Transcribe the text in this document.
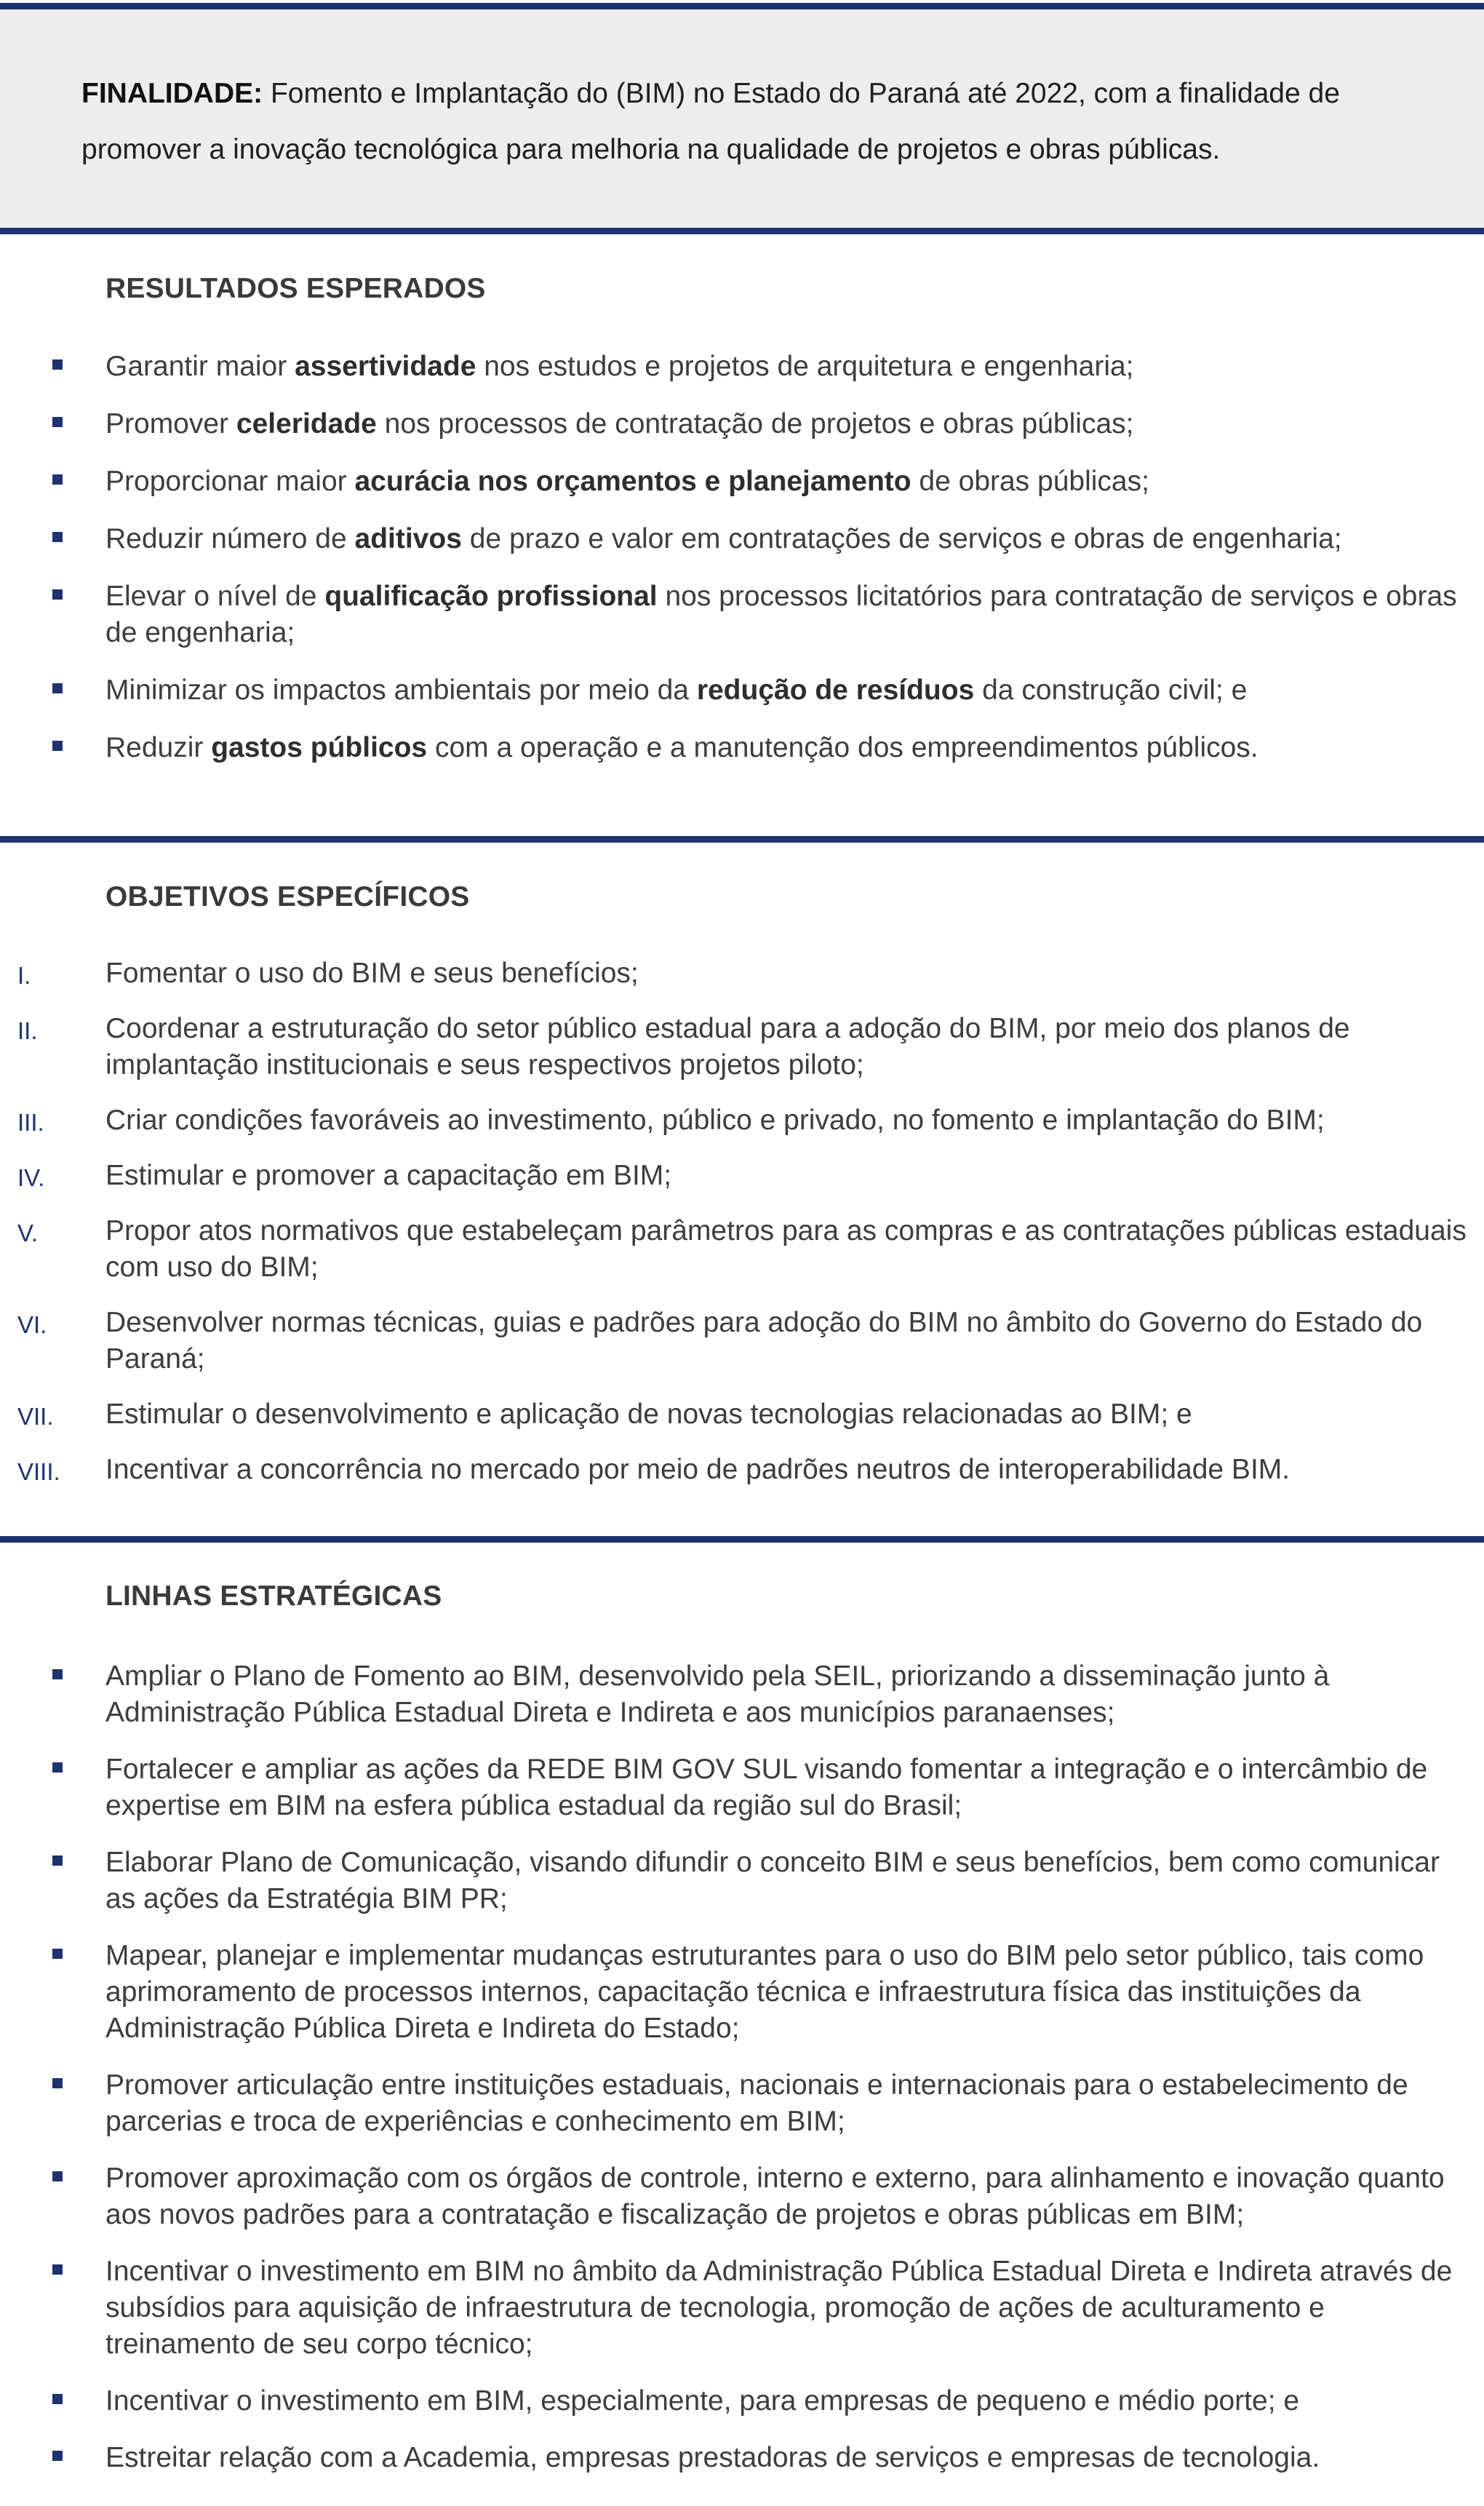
FINALIDADE: Fomento e Implantação do (BIM) no Estado do Paraná até 2022, com a finalidade de promover a inovação tecnológica para melhoria na qualidade de projetos e obras públicas.

RESULTADOS ESPERADOS
Garantir maior assertividade nos estudos e projetos de arquitetura e engenharia;
Promover celeridade nos processos de contratação de projetos e obras públicas;
Proporcionar maior acurácia nos orçamentos e planejamento de obras públicas;
Reduzir número de aditivos de prazo e valor em contratações de serviços e obras de engenharia;
Elevar o nível de qualificação profissional nos processos licitatórios para contratação de serviços e obras de engenharia;
Minimizar os impactos ambientais por meio da redução de resíduos da construção civil; e
Reduzir gastos públicos com a operação e a manutenção dos empreendimentos públicos.
OBJETIVOS ESPECÍFICOS
I.	Fomentar o uso do BIM e seus benefícios;
II.	Coordenar a estruturação do setor público estadual para a adoção do BIM, por meio dos planos de implantação institucionais e seus respectivos projetos piloto;
III.	Criar condições favoráveis ao investimento, público e privado, no fomento e implantação do BIM;
IV.	Estimular e promover a capacitação em BIM;
V.	Propor atos normativos que estabeleçam parâmetros para as compras e as contratações públicas estaduais com uso do BIM;
VI.	Desenvolver normas técnicas, guias e padrões para adoção do BIM no âmbito do Governo do Estado do Paraná;
VII.	Estimular o desenvolvimento e aplicação de novas tecnologias relacionadas ao BIM; e
VIII.	Incentivar a concorrência no mercado por meio de padrões neutros de interoperabilidade BIM.
LINHAS ESTRATÉGICAS
Ampliar o Plano de Fomento ao BIM, desenvolvido pela SEIL, priorizando a disseminação junto à Administração Pública Estadual Direta e Indireta e aos municípios paranaenses;
Fortalecer e ampliar as ações da REDE BIM GOV SUL visando fomentar a integração e o intercâmbio de expertise em BIM na esfera pública estadual da região sul do Brasil;
Elaborar Plano de Comunicação, visando difundir o conceito BIM e seus benefícios, bem como comunicar as ações da Estratégia BIM PR;
Mapear, planejar e implementar mudanças estruturantes para o uso do BIM pelo setor público, tais como aprimoramento de processos internos, capacitação técnica e infraestrutura física das instituições da Administração Pública Direta e Indireta do Estado;
Promover articulação entre instituições estaduais, nacionais e internacionais para o estabelecimento de parcerias e troca de experiências e conhecimento em BIM;
Promover aproximação com os órgãos de controle, interno e externo, para alinhamento e inovação quanto aos novos padrões para a contratação e fiscalização de projetos e obras públicas em BIM;
Incentivar o investimento em BIM no âmbito da Administração Pública Estadual Direta e Indireta através de subsídios para aquisição de infraestrutura de tecnologia, promoção de ações de aculturamento e treinamento de seu corpo técnico;
Incentivar o investimento em BIM, especialmente, para empresas de pequeno e médio porte; e
Estreitar relação com a Academia, empresas prestadoras de serviços e empresas de tecnologia.
